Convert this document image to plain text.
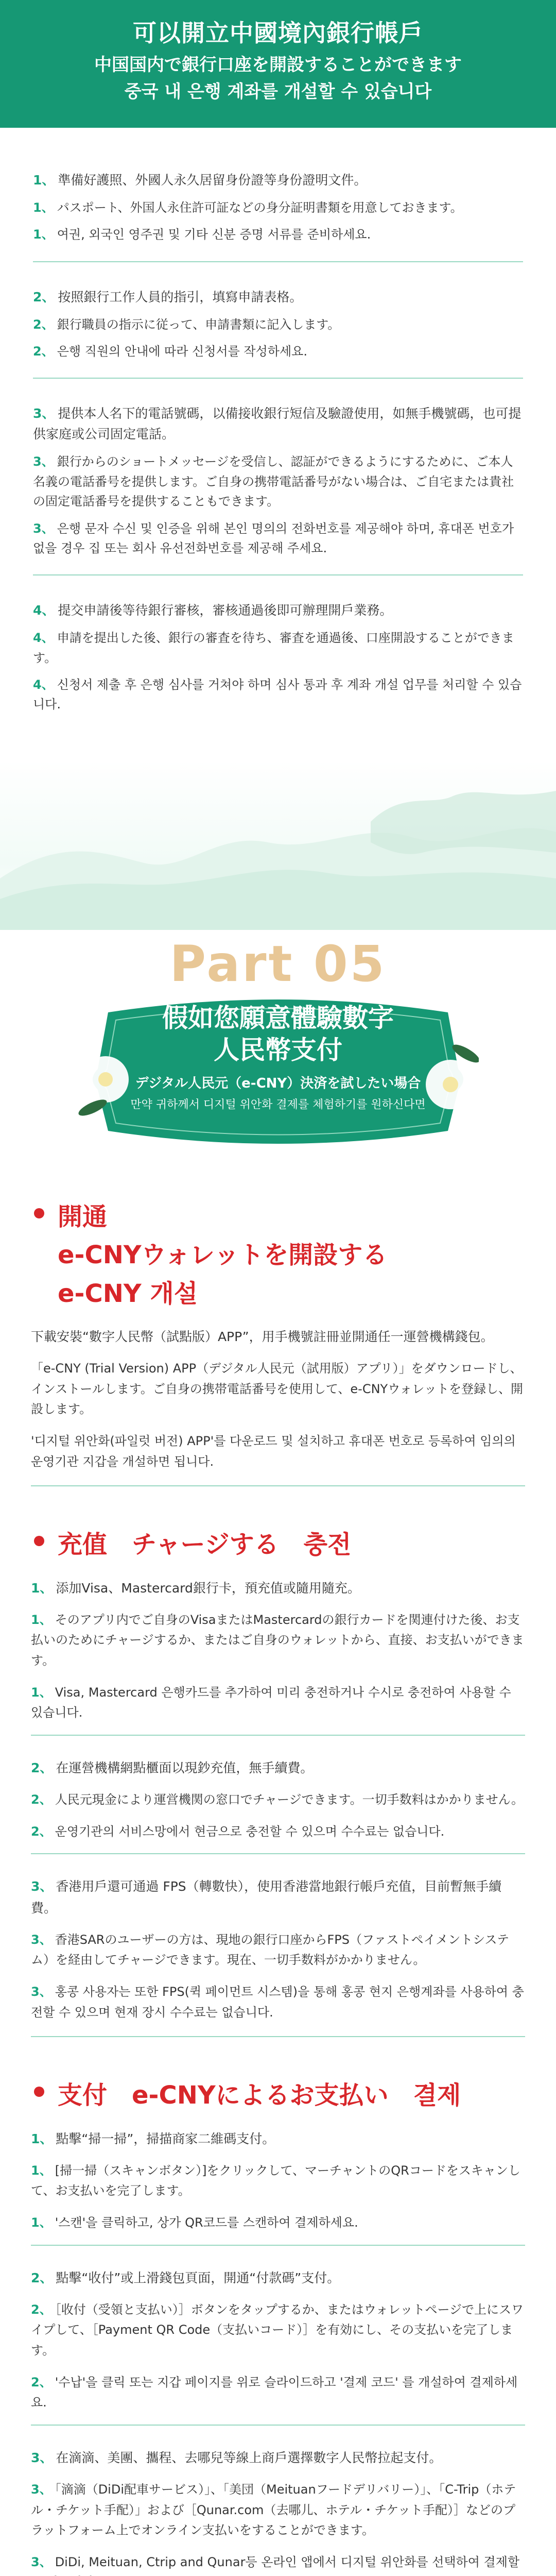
可以開立中國境內銀行帳戶

中国国内で銀行口座を開設することができます

중국 내 은행 계좌를 개설할 수 있습니다

1、 準備好護照、外國人永久居留身份證等身份證明文件。
1、 パスポート、外国人永住許可証などの身分証明書類を用意しておきます。
1、 여권, 외국인 영주권 및 기타 신분 증명 서류를 준비하세요.
2、 按照銀行工作人員的指引，填寫申請表格。
2、 銀行職員の指示に従って、申請書類に記入します。
2、 은행 직원의 안내에 따라 신청서를 작성하세요.
3、 提供本人名下的電話號碼，以備接收銀行短信及驗證使用，如無手機號碼，也可提供家庭或公司固定電話。
3、 銀行からのショートメッセージを受信し、認証ができるようにするために、ご本人名義の電話番号を提供します。ご自身の携帯電話番号がない場合は、ご自宅または貴社の固定電話番号を提供することもできます。
3、 은행 문자 수신 및 인증을 위해 본인 명의의 전화번호를 제공해야 하며, 휴대폰 번호가 없을 경우 집 또는 회사 유선전화번호를 제공해 주세요.
4、 提交申請後等待銀行審核，審核通過後即可辦理開戶業務。
4、 申請を提出した後、銀行の審査を待ち、審査を通過後、口座開設することができます。
4、 신청서 제출 후 은행 심사를 거쳐야 하며 심사 통과 후 계좌 개설 업무를 처리할 수 있습니다.
Part 05
假如您願意體驗數字
人民幣支付
デジタル人民元（e-CNY）決済を試したい場合
만약 귀하께서 디지털 위안화 결제를 체험하기를 원하신다면
開通
e-CNYウォレットを開設する
e-CNY 개설
下載安裝“數字人民幣（試點版）APP”，用手機號註冊並開通任一運營機構錢包。
「e-CNY (Trial Version) APP（デジタル人民元（試用版）アプリ）」をダウンロードし、インストールします。ご自身の携帯電話番号を使用して、e-CNYウォレットを登録し、開設します。
'디지털 위안화(파일럿 버전) APP'를 다운로드 및 설치하고 휴대폰 번호로 등록하여 임의의 운영기관 지갑을 개설하면 됩니다.
充值　チャージする　충전
1、 添加Visa、Mastercard銀行卡，預充值或隨用隨充。
1、 そのアプリ内でご自身のVisaまたはMastercardの銀行カードを関連付けた後、お支払いのためにチャージするか、またはご自身のウォレットから、直接、お支払いができます。
1、 Visa, Mastercard 은행카드를 추가하여 미리 충전하거나 수시로 충전하여 사용할 수 있습니다.
2、 在運營機構網點櫃面以現鈔充值，無手續費。
2、 人民元現金により運営機関の窓口でチャージできます。一切手数料はかかりません。
2、 운영기관의 서비스망에서 현금으로 충전할 수 있으며 수수료는 없습니다.
3、 香港用戶還可通過 FPS（轉數快），使用香港當地銀行帳戶充值，目前暫無手續費。
3、 香港SARのユーザーの方は、現地の銀行口座からFPS（ファストペイメントシステム）を経由してチャージできます。現在、一切手数料がかかりません。
3、 홍콩 사용자는 또한 FPS(퀵 페이먼트 시스템)을 통해 홍콩 현지 은행계좌를 사용하여 충전할 수 있으며 현재 장시 수수료는 없습니다.
支付　e-CNYによるお支払い　결제
1、 點擊“掃一掃”，掃描商家二維碼支付。
1、 [掃一掃（スキャンボタン）]をクリックして、マーチャントのQRコードをスキャンして、お支払いを完了します。
1、 '스캔'을 클릭하고, 상가 QR코드를 스캔하여 결제하세요.
2、 點擊“收付”或上滑錢包頁面，開通“付款碼”支付。
2、 ［收付（受領と支払い）］ボタンをタップするか、またはウォレットページで上にスワイプして、［Payment QR Code（支払いコード）］を有効にし、その支払いを完了します。
2、 '수납'을 클릭 또는 지갑 페이지를 위로 슬라이드하고 '결제 코드' 를 개설하여 결제하세요.
3、 在滴滴、美團、攜程、去哪兒等線上商戶選擇數字人民幣拉起支付。
3、 「滴滴（DiDi配車サービス）」、「美団（Meituanフードデリバリー）」、「C-Trip（ホテル・チケット手配）」および［Qunar.com（去哪儿、ホテル・チケット手配）］などのプラットフォーム上でオンライン支払いをすることができます。
3、 DiDi, Meituan, Ctrip and Qunar등 온라인 앱에서 디지털 위안화를 선택하여 결제할
